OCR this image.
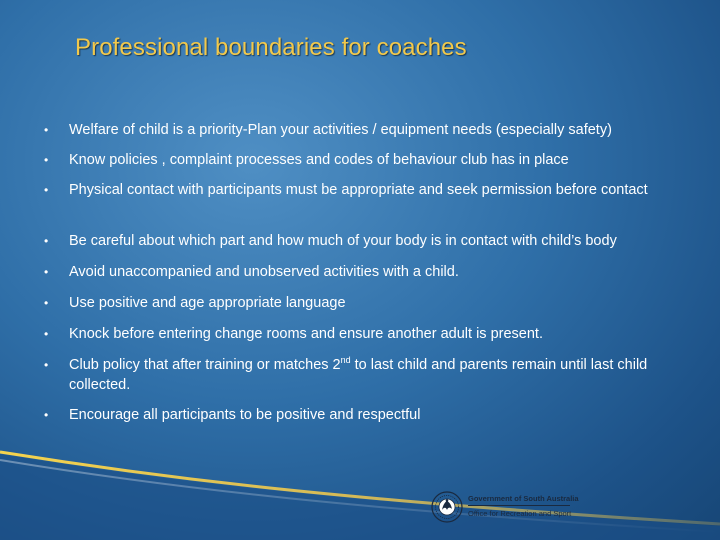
Professional boundaries for coaches
•	Welfare of child is a priority-Plan your activities / equipment needs (especially safety)
•	Know policies , complaint processes and codes of behaviour club has in place
•	Physical contact with participants must be appropriate and seek permission before contact
•	Be careful about which part and how much of your body is in contact with child’s body
•	Avoid unaccompanied and unobserved activities with a child.
•	Use positive and age appropriate language
•	Knock before entering change rooms and ensure another adult is present.
•	Club policy that after training or matches 2nd to last child and parents remain until last child collected.
•	Encourage all participants to be positive and respectful
Government of South Australia
Office for Recreation and Sport
